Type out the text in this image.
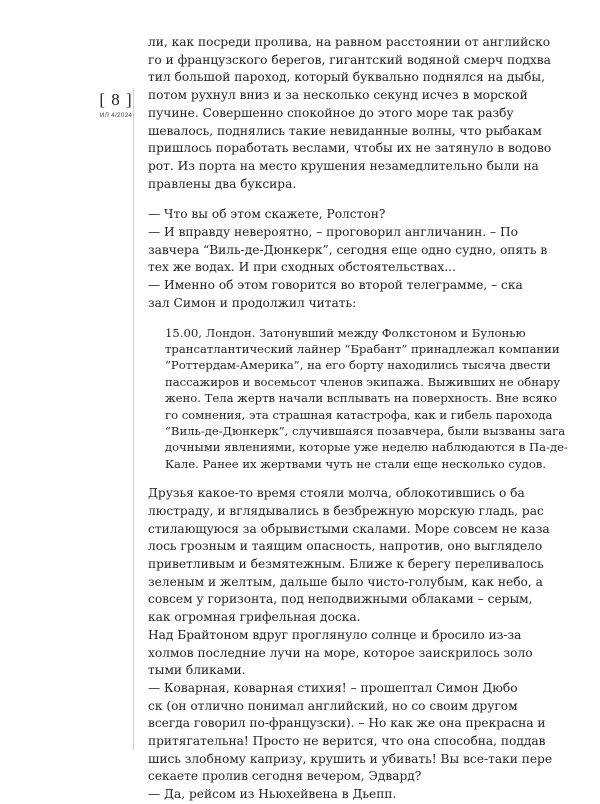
[ 8 ]
ИЛ 4/2024

ли, как посреди пролива, на равном расстоянии от английско

го и французского берегов, гигантский водяной смерч подхва

тил большой пароход, который буквально поднялся на дыбы,

потом рухнул вниз и за несколько секунд исчез в морской

пучине. Совершенно спокойное до этого море так разбу

шевалось, поднялись такие невиданные волны, что рыбакам

пришлось поработать веслами, чтобы их не затянуло в водово

рот. Из порта на место крушения незамедлительно были на

правлены два буксира.

— Что вы об этом скажете, Ролстон?

— И вправду невероятно, – проговорил англичанин. – По

завчера “Виль-де-Дюнкерк”, сегодня еще одно судно, опять в

тех же водах. И при сходных обстоятельствах...

— Именно об этом говорится во второй телеграмме, – ска

зал Симон и продолжил читать:

15.00, Лондон. Затонувший между Фолкстоном и Булонью

трансатлантический лайнер “Брабант” принадлежал компании

“Роттердам-Америка”, на его борту находились тысяча двести

пассажиров и восемьсот членов экипажа. Выживших не обнару

жено. Тела жертв начали всплывать на поверхность. Вне всяко

го сомнения, эта страшная катастрофа, как и гибель парохода

“Виль-де-Дюнкерк”, случившаяся позавчера, были вызваны зага

дочными явлениями, которые уже неделю наблюдаются в Па-де-

Кале. Ранее их жертвами чуть не стали еще несколько судов.

Друзья какое-то время стояли молча, облокотившись о ба

люстраду, и вглядывались в безбрежную морскую гладь, рас

стилающуюся за обрывистыми скалами. Море совсем не каза

лось грозным и таящим опасность, напротив, оно выглядело

приветливым и безмятежным. Ближе к берегу переливалось

зеленым и желтым, дальше было чисто-голубым, как небо, а

совсем у горизонта, под неподвижными облаками – серым,

как огромная грифельная доска.

Над Брайтоном вдруг проглянуло солнце и бросило из-за

холмов последние лучи на море, которое заискрилось золо

тыми бликами.

— Коварная, коварная стихия! – прошептал Симон Дюбо

ск (он отлично понимал английский, но со своим другом

всегда говорил по-французски). – Но как же она прекрасна и

притягательна! Просто не верится, что она способна, поддав

шись злобному капризу, крушить и убивать! Вы все-таки пере

секаете пролив сегодня вечером, Эдвард?

— Да, рейсом из Ньюхейвена в Дьепп.
